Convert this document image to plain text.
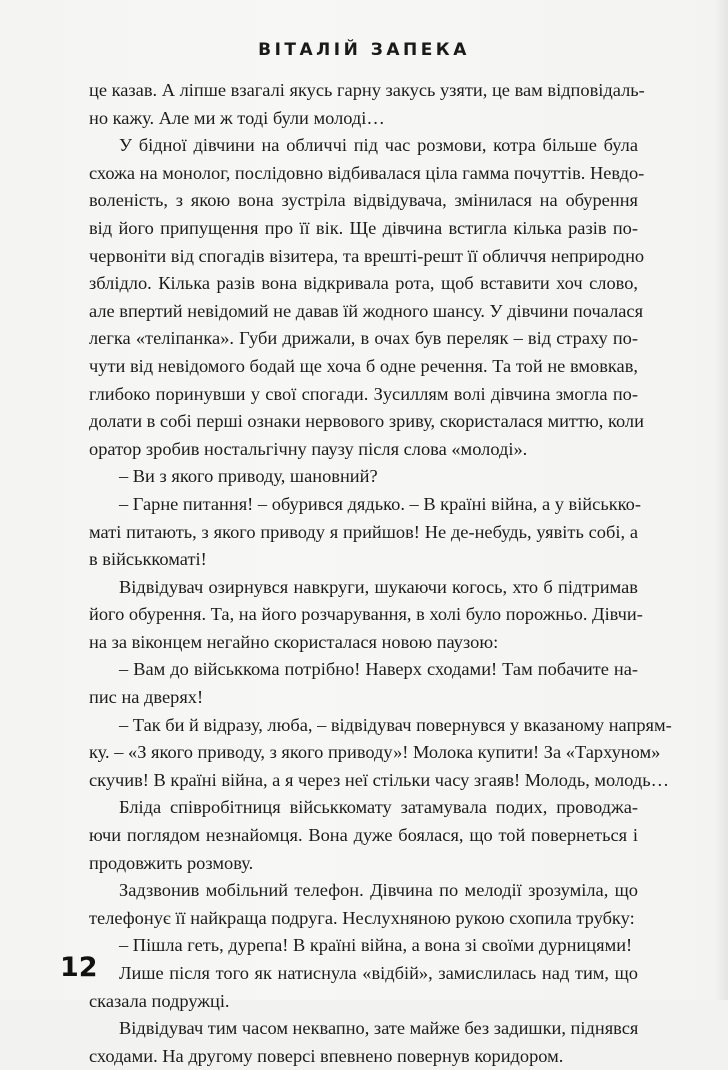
ВІТАЛІЙ ЗАПЕКА
це казав. А ліпше взагалі якусь гарну закусь узяти, це вам відповідаль-
но кажу. Але ми ж тоді були молоді…
У бідної дівчини на обличчі під час розмови, котра більше була
схожа на монолог, послідовно відбивалася ціла гамма почуттів. Невдо-
воленість, з якою вона зустріла відвідувача, змінилася на обурення
від його припущення про її вік. Ще дівчина встигла кілька разів по-
червоніти від спогадів візитера, та врешті-решт її обличчя неприродно
зблідло. Кілька разів вона відкривала рота, щоб вставити хоч слово,
але впертий невідомий не давав їй жодного шансу. У дівчини почалася
легка «теліпанка». Губи дрижали, в очах був переляк – від страху по-
чути від невідомого бодай ще хоча б одне речення. Та той не вмовкав,
глибоко поринувши у свої спогади. Зусиллям волі дівчина змогла по-
долати в собі перші ознаки нервового зриву, скористалася миттю, коли
оратор зробив ностальгічну паузу після слова «молоді».
– Ви з якого приводу, шановний?
– Гарне питання! – обурився дядько. – В країні війна, а у військко-
маті питають, з якого приводу я прийшов! Не де-небудь, уявіть собі, а
в військкоматі!
Відвідувач озирнувся навкруги, шукаючи когось, хто б підтримав
його обурення. Та, на його розчарування, в холі було порожньо. Дівчи-
на за віконцем негайно скористалася новою паузою:
– Вам до військкома потрібно! Наверх сходами! Там побачите на-
пис на дверях!
– Так би й відразу, люба, – відвідувач повернувся у вказаному напрям-
ку. – «З якого приводу, з якого приводу»! Молока купити! За «Тархуном»
скучив! В країні війна, а я через неї стільки часу згаяв! Молодь, молодь…
Бліда співробітниця військкомату затамувала подих, проводжа-
ючи поглядом незнайомця. Вона дуже боялася, що той повернеться і
продовжить розмову.
Задзвонив мобільний телефон. Дівчина по мелодії зрозуміла, що
телефонує її найкраща подруга. Неслухняною рукою схопила трубку:
– Пішла геть, дурепа! В країні війна, а вона зі своїми дурницями!
Лише після того як натиснула «відбій», замислилась над тим, що
сказала подружці.
Відвідувач тим часом неквапно, зате майже без задишки, піднявся
сходами. На другому поверсі впевнено повернув коридором.
12
